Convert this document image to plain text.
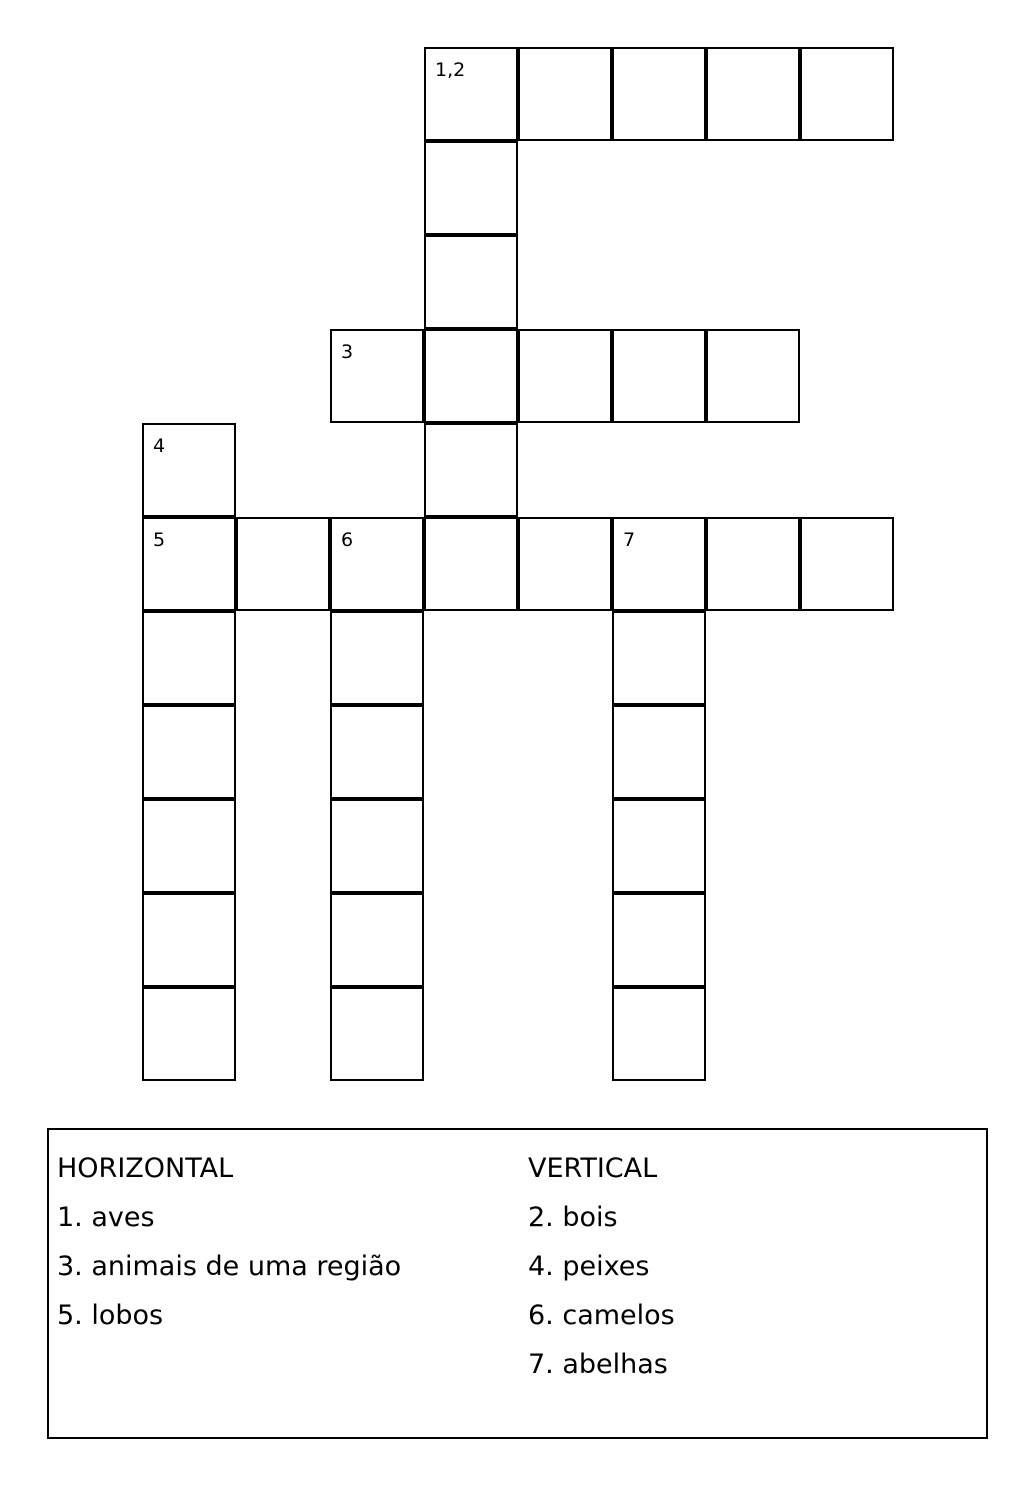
1,2
3
4
5	6	7
HORIZONTAL
1. aves
3. animais de uma região
5. lobos
VERTICAL
2. bois
4. peixes
6. camelos
7. abelhas
